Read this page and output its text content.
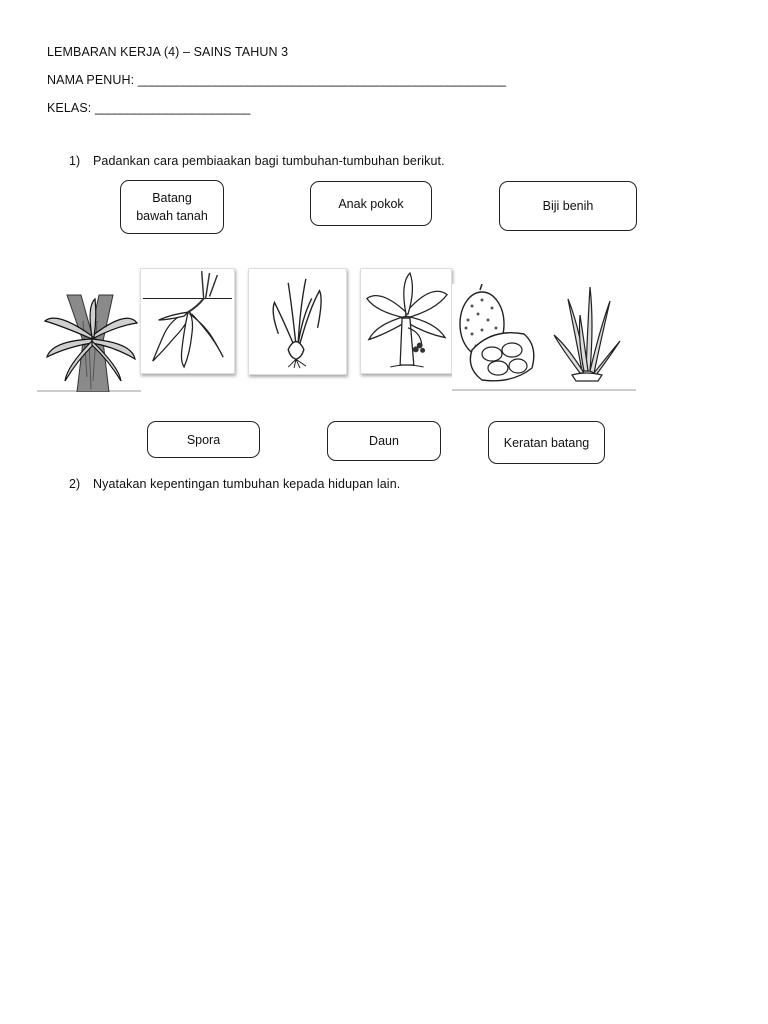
LEMBARAN KERJA (4) – SAINS TAHUN 3
NAMA PENUH: _________________________________________________________
KELAS: ________________________
1) Padankan cara pembiaakan bagi tumbuhan-tumbuhan berikut.
Batang
bawah tanah
Anak pokok	Biji benih
Spora	Daun	Keratan batang
2) Nyatakan kepentingan tumbuhan kepada hidupan lain.
